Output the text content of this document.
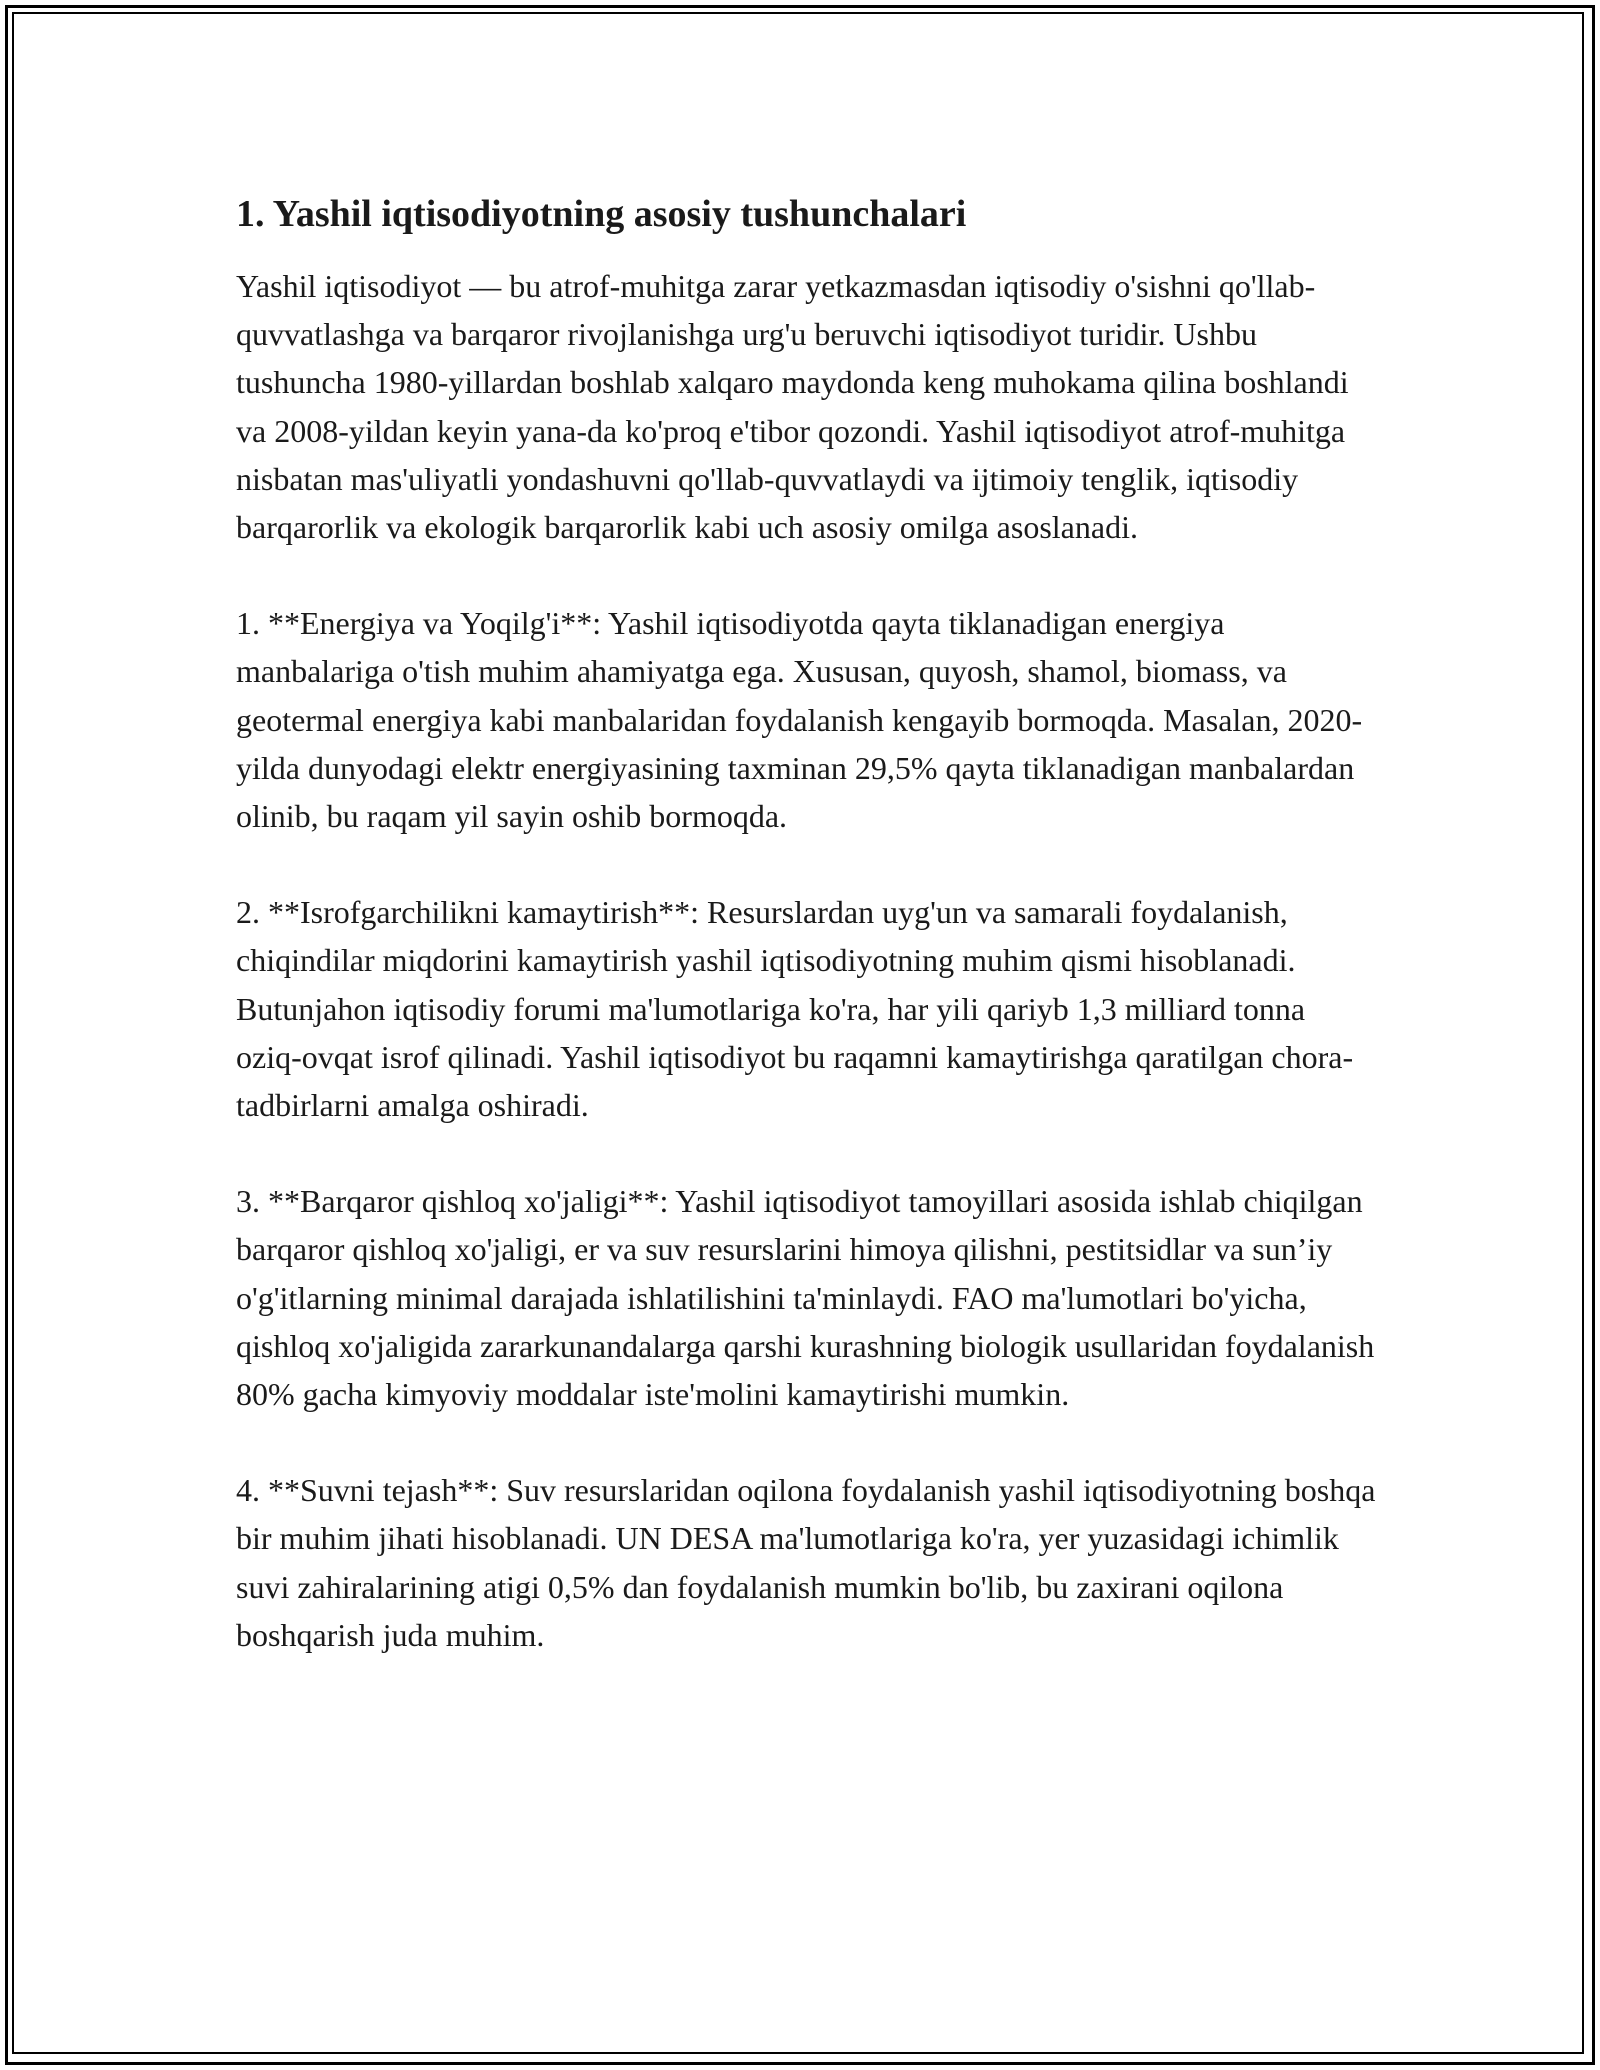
1. Yashil iqtisodiyotning asosiy tushunchalari

Yashil iqtisodiyot — bu atrof-muhitga zarar yetkazmasdan iqtisodiy o'sishni qo'llab-quvvatlashga va barqaror rivojlanishga urg'u beruvchi iqtisodiyot turidir. Ushbu tushuncha 1980-yillardan boshlab xalqaro maydonda keng muhokama qilina boshlandi va 2008-yildan keyin yana-da ko'proq e'tibor qozondi. Yashil iqtisodiyot atrof-muhitga nisbatan mas'uliyatli yondashuvni qo'llab-quvvatlaydi va ijtimoiy tenglik, iqtisodiy barqarorlik va ekologik barqarorlik kabi uch asosiy omilga asoslanadi.

1. **Energiya va Yoqilg'i**: Yashil iqtisodiyotda qayta tiklanadigan energiya manbalariga o'tish muhim ahamiyatga ega. Xususan, quyosh, shamol, biomass, va geotermal energiya kabi manbalaridan foydalanish kengayib bormoqda. Masalan, 2020-yilda dunyodagi elektr energiyasining taxminan 29,5% qayta tiklanadigan manbalardan olinib, bu raqam yil sayin oshib bormoqda.

2. **Isrofgarchilikni kamaytirish**: Resurslardan uyg'un va samarali foydalanish, chiqindilar miqdorini kamaytirish yashil iqtisodiyotning muhim qismi hisoblanadi. Butunjahon iqtisodiy forumi ma'lumotlariga ko'ra, har yili qariyb 1,3 milliard tonna oziq-ovqat isrof qilinadi. Yashil iqtisodiyot bu raqamni kamaytirishga qaratilgan chora-tadbirlarni amalga oshiradi.

3. **Barqaror qishloq xo'jaligi**: Yashil iqtisodiyot tamoyillari asosida ishlab chiqilgan barqaror qishloq xo'jaligi, er va suv resurslarini himoya qilishni, pestitsidlar va sun’iy o'g'itlarning minimal darajada ishlatilishini ta'minlaydi. FAO ma'lumotlari bo'yicha, qishloq xo'jaligida zararkunandalarga qarshi kurashning biologik usullaridan foydalanish 80% gacha kimyoviy moddalar iste'molini kamaytirishi mumkin.

4. **Suvni tejash**: Suv resurslaridan oqilona foydalanish yashil iqtisodiyotning boshqa bir muhim jihati hisoblanadi. UN DESA ma'lumotlariga ko'ra, yer yuzasidagi ichimlik suvi zahiralarining atigi 0,5% dan foydalanish mumkin bo'lib, bu zaxirani oqilona boshqarish juda muhim.
